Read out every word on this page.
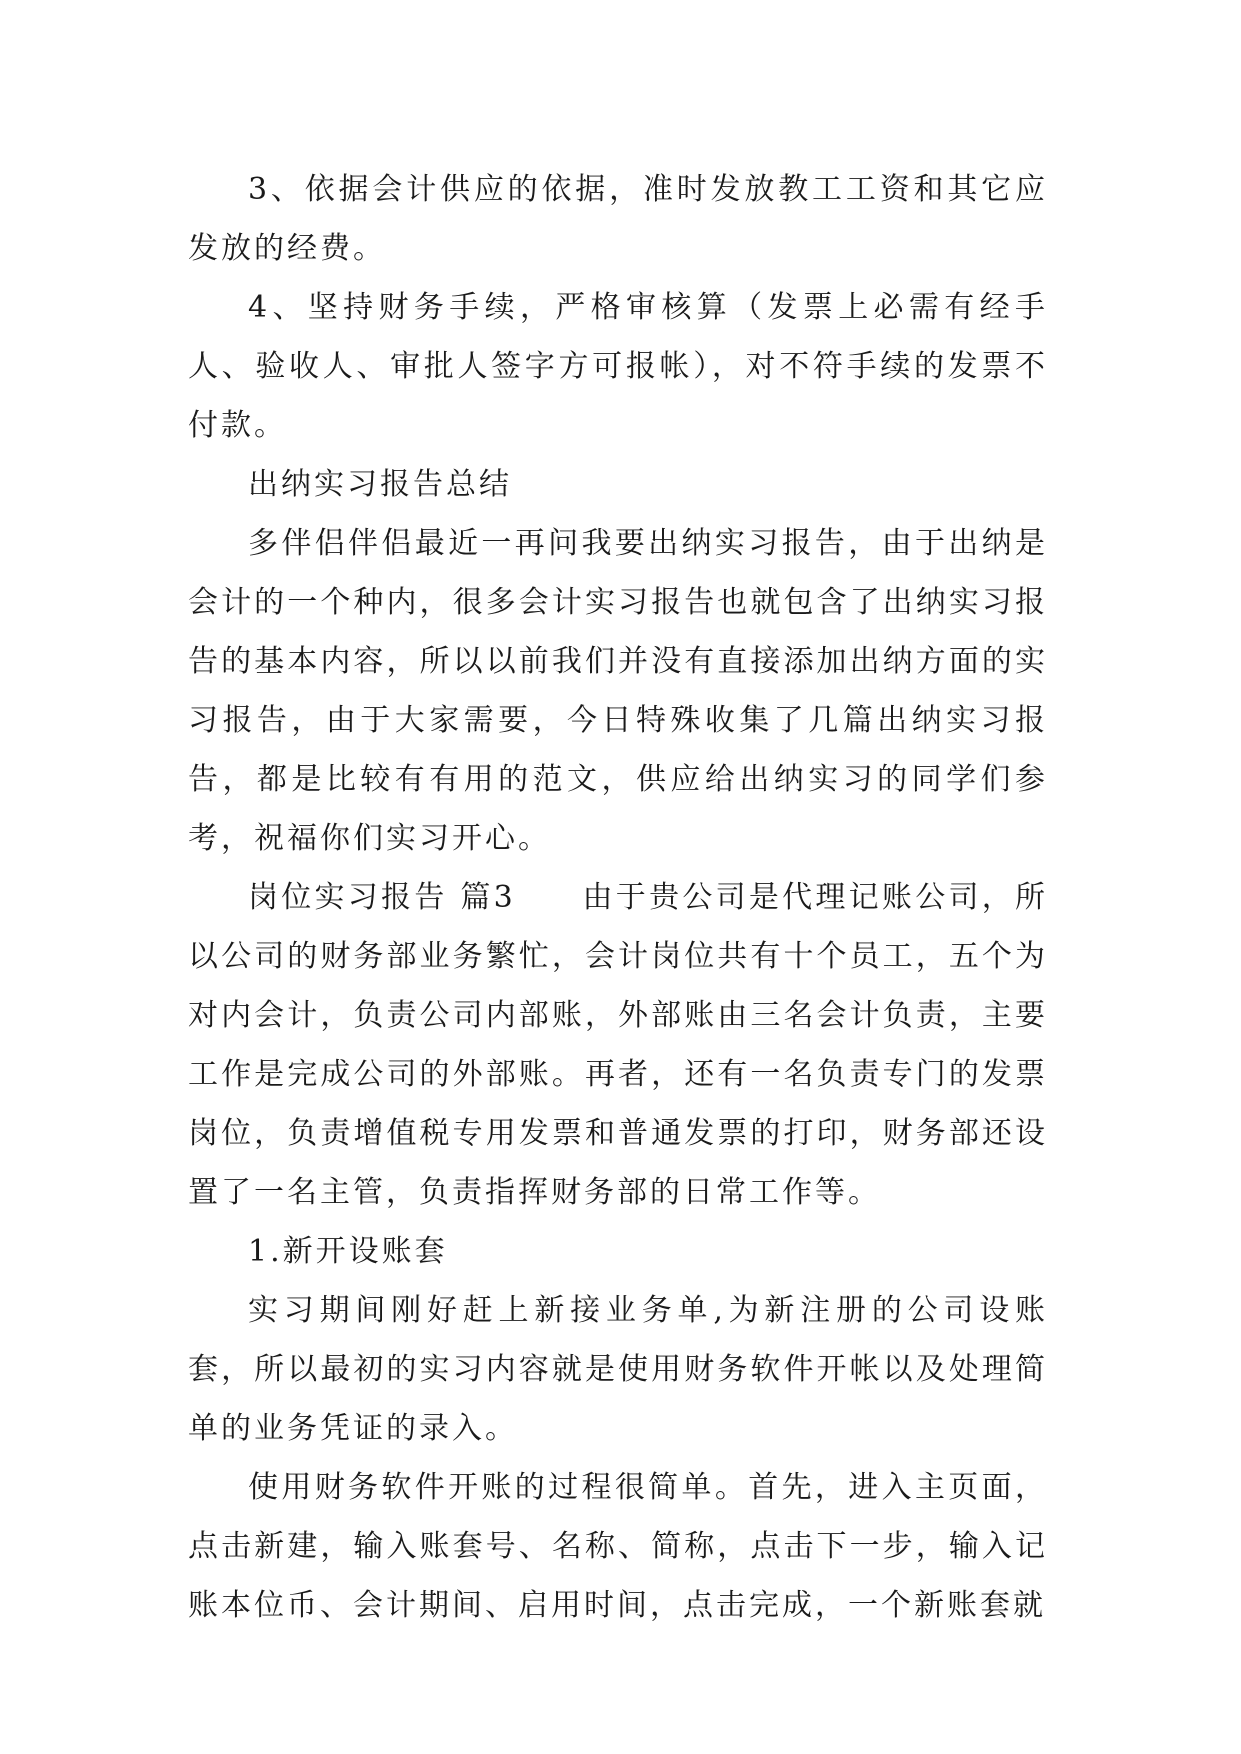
3、依据会计供应的依据，准时发放教工工资和其它应发放的经费。

4、坚持财务手续，严格审核算（发票上必需有经手人、验收人、审批人签字方可报帐），对不符手续的发票不付款。

出纳实习报告总结

多伴侣伴侣最近一再问我要出纳实习报告，由于出纳是会计的一个种内，很多会计实习报告也就包含了出纳实习报告的基本内容，所以以前我们并没有直接添加出纳方面的实习报告，由于大家需要，今日特殊收集了几篇出纳实习报告，都是比较有有用的范文，供应给出纳实习的同学们参考，祝福你们实习开心。

岗位实习报告 篇3　　由于贵公司是代理记账公司，所以公司的财务部业务繁忙，会计岗位共有十个员工，五个为对内会计，负责公司内部账，外部账由三名会计负责，主要工作是完成公司的外部账。再者，还有一名负责专门的发票岗位，负责增值税专用发票和普通发票的打印，财务部还设置了一名主管，负责指挥财务部的日常工作等。

1.新开设账套

实习期间刚好赶上新接业务单,为新注册的公司设账套，所以最初的实习内容就是使用财务软件开帐以及处理简单的业务凭证的录入。

使用财务软件开账的过程很简单。首先，进入主页面，点击新建，输入账套号、名称、简称，点击下一步，输入记账本位币、会计期间、启用时间，点击完成，一个新账套就
